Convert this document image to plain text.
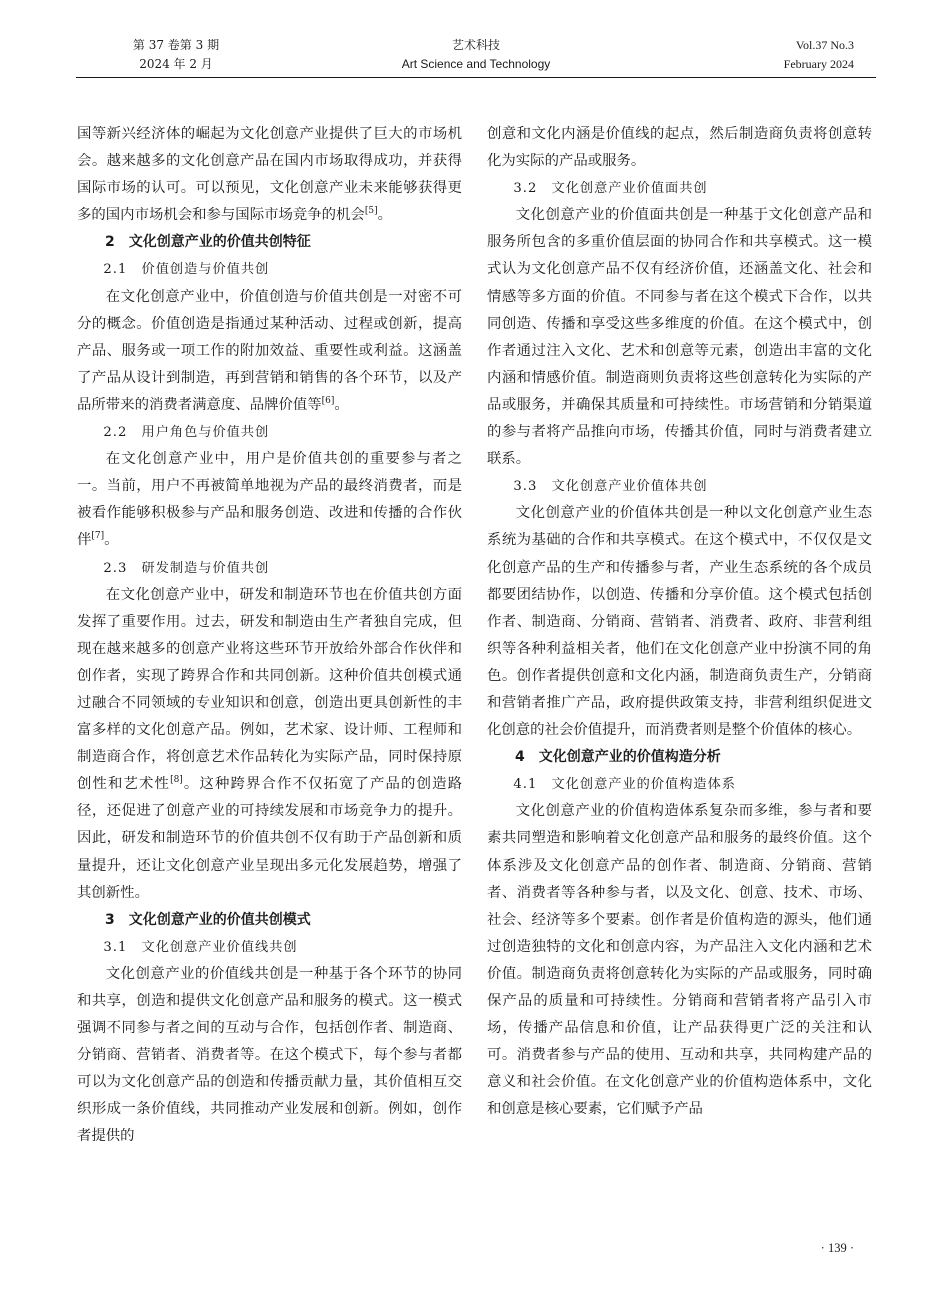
第 37 卷第 3 期
2024 年 2 月
艺术科技
Art Science and Technology
Vol.37 No.3
February 2024

国等新兴经济体的崛起为文化创意产业提供了巨大的市场机会。越来越多的文化创意产品在国内市场取得成功，并获得国际市场的认可。可以预见，文化创意产业未来能够获得更多的国内市场机会和参与国际市场竞争的机会[5]。

2　文化创意产业的价值共创特征

2.1　价值创造与价值共创

在文化创意产业中，价值创造与价值共创是一对密不可分的概念。价值创造是指通过某种活动、过程或创新，提高产品、服务或一项工作的附加效益、重要性或利益。这涵盖了产品从设计到制造，再到营销和销售的各个环节，以及产品所带来的消费者满意度、品牌价值等[6]。

2.2　用户角色与价值共创

在文化创意产业中，用户是价值共创的重要参与者之一。当前，用户不再被简单地视为产品的最终消费者，而是被看作能够积极参与产品和服务创造、改进和传播的合作伙伴[7]。

2.3　研发制造与价值共创

在文化创意产业中，研发和制造环节也在价值共创方面发挥了重要作用。过去，研发和制造由生产者独自完成，但现在越来越多的创意产业将这些环节开放给外部合作伙伴和创作者，实现了跨界合作和共同创新。这种价值共创模式通过融合不同领域的专业知识和创意，创造出更具创新性的丰富多样的文化创意产品。例如，艺术家、设计师、工程师和制造商合作，将创意艺术作品转化为实际产品，同时保持原创性和艺术性[8]。这种跨界合作不仅拓宽了产品的创造路径，还促进了创意产业的可持续发展和市场竞争力的提升。因此，研发和制造环节的价值共创不仅有助于产品创新和质量提升，还让文化创意产业呈现出多元化发展趋势，增强了其创新性。

3　文化创意产业的价值共创模式

3.1　文化创意产业价值线共创

文化创意产业的价值线共创是一种基于各个环节的协同和共享，创造和提供文化创意产品和服务的模式。这一模式强调不同参与者之间的互动与合作，包括创作者、制造商、分销商、营销者、消费者等。在这个模式下，每个参与者都可以为文化创意产品的创造和传播贡献力量，其价值相互交织形成一条价值线，共同推动产业发展和创新。例如，创作者提供的

创意和文化内涵是价值线的起点，然后制造商负责将创意转化为实际的产品或服务。

3.2　文化创意产业价值面共创

文化创意产业的价值面共创是一种基于文化创意产品和服务所包含的多重价值层面的协同合作和共享模式。这一模式认为文化创意产品不仅有经济价值，还涵盖文化、社会和情感等多方面的价值。不同参与者在这个模式下合作，以共同创造、传播和享受这些多维度的价值。在这个模式中，创作者通过注入文化、艺术和创意等元素，创造出丰富的文化内涵和情感价值。制造商则负责将这些创意转化为实际的产品或服务，并确保其质量和可持续性。市场营销和分销渠道的参与者将产品推向市场，传播其价值，同时与消费者建立联系。

3.3　文化创意产业价值体共创

文化创意产业的价值体共创是一种以文化创意产业生态系统为基础的合作和共享模式。在这个模式中，不仅仅是文化创意产品的生产和传播参与者，产业生态系统的各个成员都要团结协作，以创造、传播和分享价值。这个模式包括创作者、制造商、分销商、营销者、消费者、政府、非营利组织等各种利益相关者，他们在文化创意产业中扮演不同的角色。创作者提供创意和文化内涵，制造商负责生产，分销商和营销者推广产品，政府提供政策支持，非营利组织促进文化创意的社会价值提升，而消费者则是整个价值体的核心。

4　文化创意产业的价值构造分析

4.1　文化创意产业的价值构造体系

文化创意产业的价值构造体系复杂而多维，参与者和要素共同塑造和影响着文化创意产品和服务的最终价值。这个体系涉及文化创意产品的创作者、制造商、分销商、营销者、消费者等各种参与者，以及文化、创意、技术、市场、社会、经济等多个要素。创作者是价值构造的源头，他们通过创造独特的文化和创意内容，为产品注入文化内涵和艺术价值。制造商负责将创意转化为实际的产品或服务，同时确保产品的质量和可持续性。分销商和营销者将产品引入市场，传播产品信息和价值，让产品获得更广泛的关注和认可。消费者参与产品的使用、互动和共享，共同构建产品的意义和社会价值。在文化创意产业的价值构造体系中，文化和创意是核心要素，它们赋予产品

· 139 ·
